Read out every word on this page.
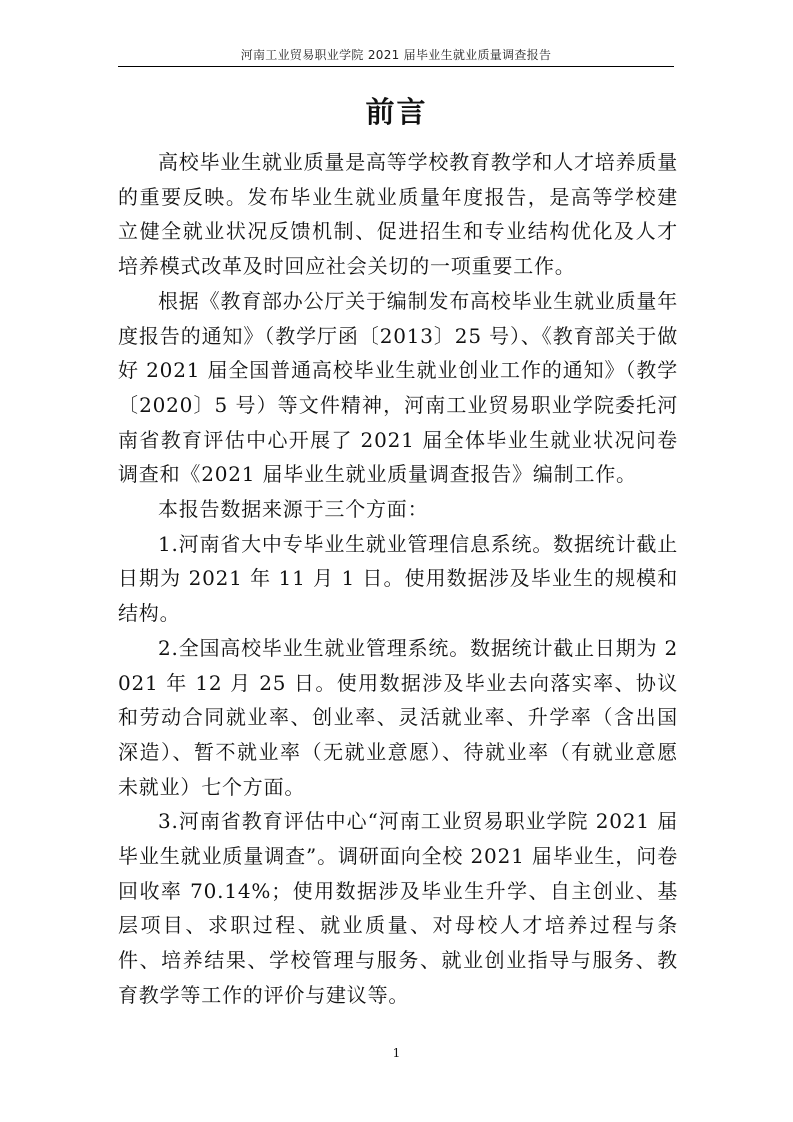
河南工业贸易职业学院 2021 届毕业生就业质量调查报告
前言

高校毕业生就业质量是高等学校教育教学和人才培养质量的重要反映。发布毕业生就业质量年度报告，是高等学校建立健全就业状况反馈机制、促进招生和专业结构优化及人才培养模式改革及时回应社会关切的一项重要工作。

根据《教育部办公厅关于编制发布高校毕业生就业质量年度报告的通知》（教学厅函〔2013〕25 号）、《教育部关于做好 2021 届全国普通高校毕业生就业创业工作的通知》（教学〔2020〕5 号）等文件精神，河南工业贸易职业学院委托河南省教育评估中心开展了 2021 届全体毕业生就业状况问卷调查和《2021 届毕业生就业质量调查报告》编制工作。

本报告数据来源于三个方面：

1.河南省大中专毕业生就业管理信息系统。数据统计截止日期为 2021 年 11 月 1 日。使用数据涉及毕业生的规模和结构。

2.全国高校毕业生就业管理系统。数据统计截止日期为 2021 年 12 月 25 日。使用数据涉及毕业去向落实率、协议和劳动合同就业率、创业率、灵活就业率、升学率（含出国深造）、暂不就业率（无就业意愿）、待就业率（有就业意愿未就业）七个方面。

3.河南省教育评估中心“河南工业贸易职业学院 2021 届毕业生就业质量调查”。调研面向全校 2021 届毕业生，问卷回收率 70.14%；使用数据涉及毕业生升学、自主创业、基层项目、求职过程、就业质量、对母校人才培养过程与条件、培养结果、学校管理与服务、就业创业指导与服务、教育教学等工作的评价与建议等。

1
